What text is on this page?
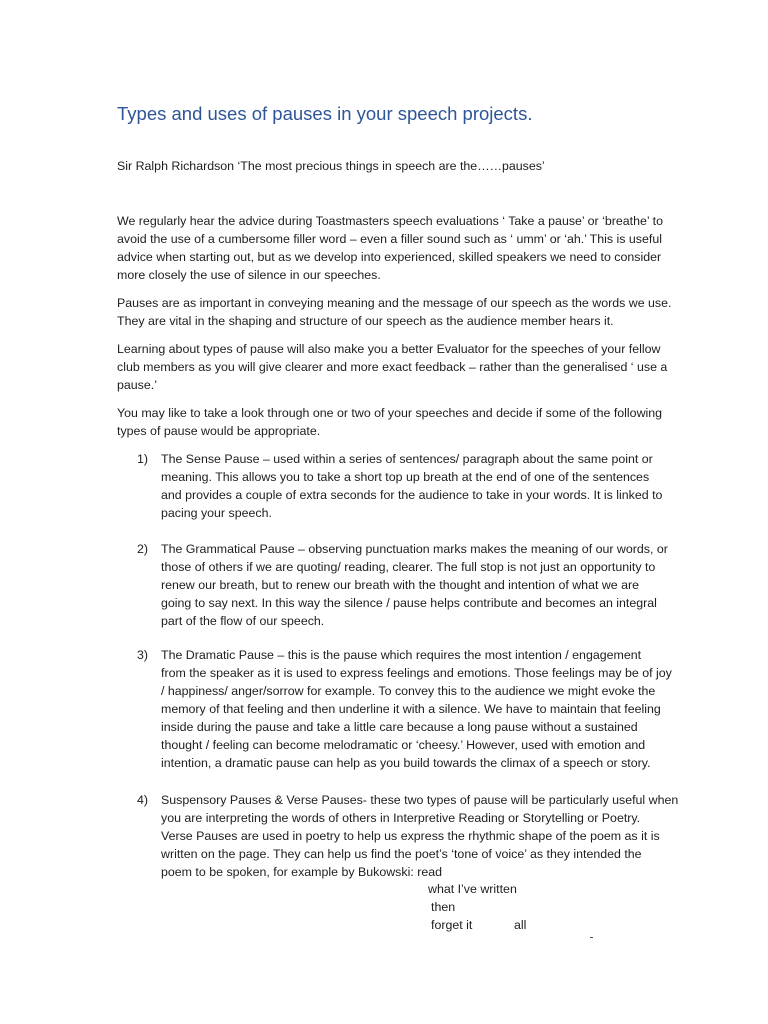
Types and uses of pauses in your speech projects.

Sir Ralph Richardson ‘The most precious things in speech are the……pauses’

We regularly hear the advice during Toastmasters speech evaluations ‘ Take a pause’ or ‘breathe’ to
avoid the use of a cumbersome filler word – even a filler sound such as ‘ umm’ or ‘ah.’ This is useful
advice when starting out, but as we develop into experienced, skilled speakers we need to consider
more closely the use of silence in our speeches.

Pauses are as important in conveying meaning and the message of our speech as the words we use.
They are vital in the shaping and structure of our speech as the audience member hears it.

Learning about types of pause will also make you a better Evaluator for the speeches of your fellow
club members as you will give clearer and more exact feedback – rather than the generalised ‘ use a
pause.’

You may like to take a look through one or two of your speeches and decide if some of the following
types of pause would be appropriate.

1) The Sense Pause – used within a series of sentences/ paragraph about the same point or
meaning. This allows you to take a short top up breath at the end of one of the sentences
and provides a couple of extra seconds for the audience to take in your words. It is linked to
pacing your speech.
2) The Grammatical Pause – observing punctuation marks makes the meaning of our words, or
those of others if we are quoting/ reading, clearer. The full stop is not just an opportunity to
renew our breath, but to renew our breath with the thought and intention of what we are
going to say next. In this way the silence / pause helps contribute and becomes an integral
part of the flow of our speech.
3) The Dramatic Pause – this is the pause which requires the most intention / engagement
from the speaker as it is used to express feelings and emotions. Those feelings may be of joy
/ happiness/ anger/sorrow for example. To convey this to the audience we might evoke the
memory of that feeling and then underline it with a silence. We have to maintain that feeling
inside during the pause and take a little care because a long pause without a sustained
thought / feeling can become melodramatic or ‘cheesy.’ However, used with emotion and
intention, a dramatic pause can help as you build towards the climax of a speech or story.
4) Suspensory Pauses & Verse Pauses- these two types of pause will be particularly useful when
you are interpreting the words of others in Interpretive Reading or Storytelling or Poetry.
Verse Pauses are used in poetry to help us express the rhythmic shape of the poem as it is
written on the page. They can help us find the poet’s ‘tone of voice’ as they intended the
poem to be spoken, for example by Bukowski: read
what I’ve written
then
forget it	all
